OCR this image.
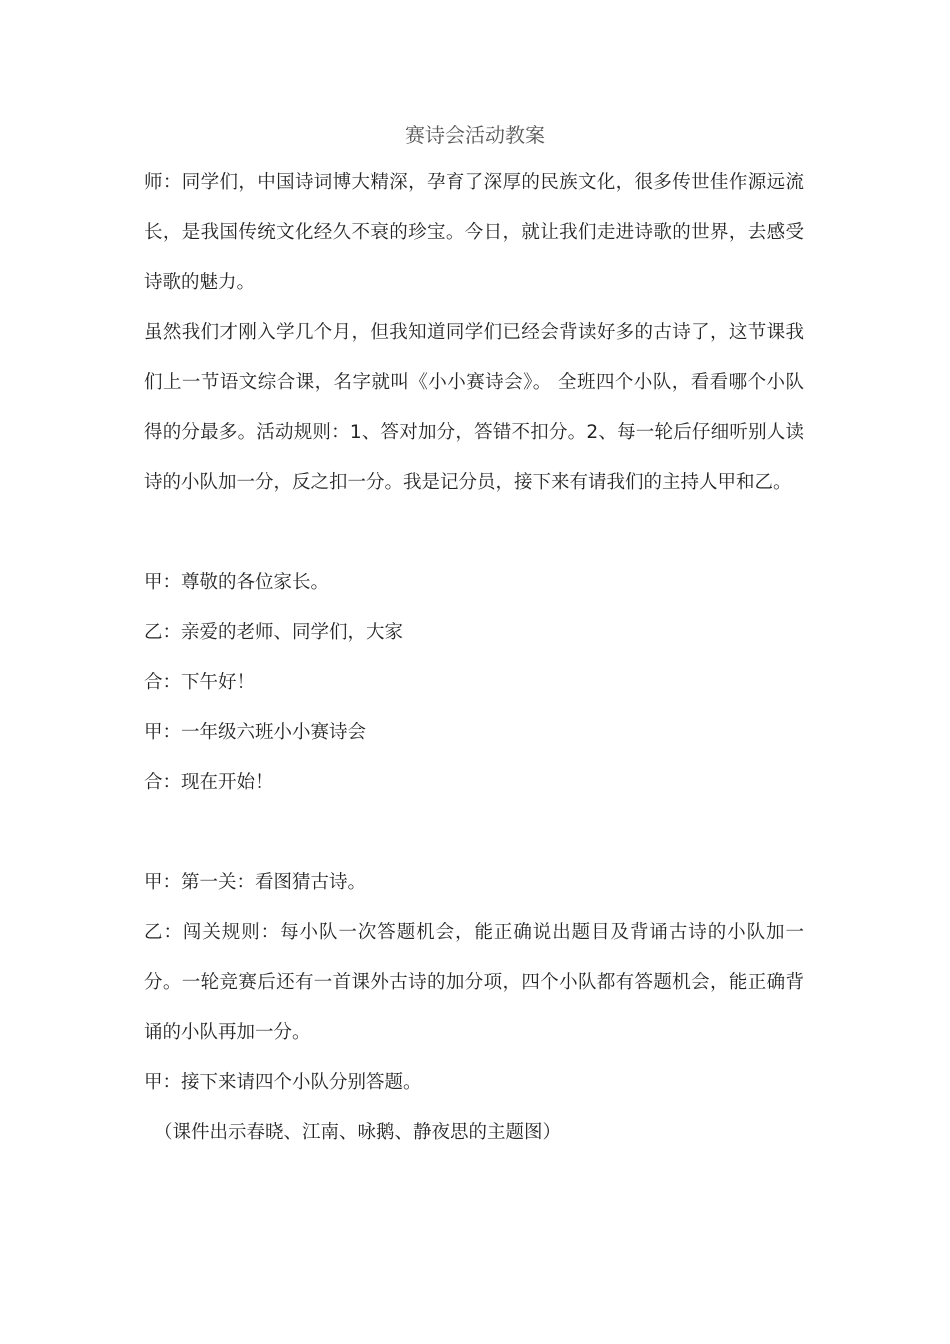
赛诗会活动教案

师：同学们，中国诗词博大精深，孕育了深厚的民族文化，很多传世佳作源远流长，是我国传统文化经久不衰的珍宝。今日，就让我们走进诗歌的世界，去感受诗歌的魅力。

虽然我们才刚入学几个月，但我知道同学们已经会背读好多的古诗了，这节课我们上一节语文综合课，名字就叫《小小赛诗会》。 全班四个小队，看看哪个小队得的分最多。活动规则：1、答对加分，答错不扣分。2、每一轮后仔细听别人读诗的小队加一分，反之扣一分。我是记分员，接下来有请我们的主持人甲和乙。

甲：尊敬的各位家长。

乙：亲爱的老师、同学们，大家

合：下午好！

甲：一年级六班小小赛诗会

合：现在开始！

甲：第一关：看图猜古诗。

乙：闯关规则：每小队一次答题机会，能正确说出题目及背诵古诗的小队加一分。一轮竞赛后还有一首课外古诗的加分项，四个小队都有答题机会，能正确背诵的小队再加一分。

甲：接下来请四个小队分别答题。

（课件出示春晓、江南、咏鹅、静夜思的主题图）
